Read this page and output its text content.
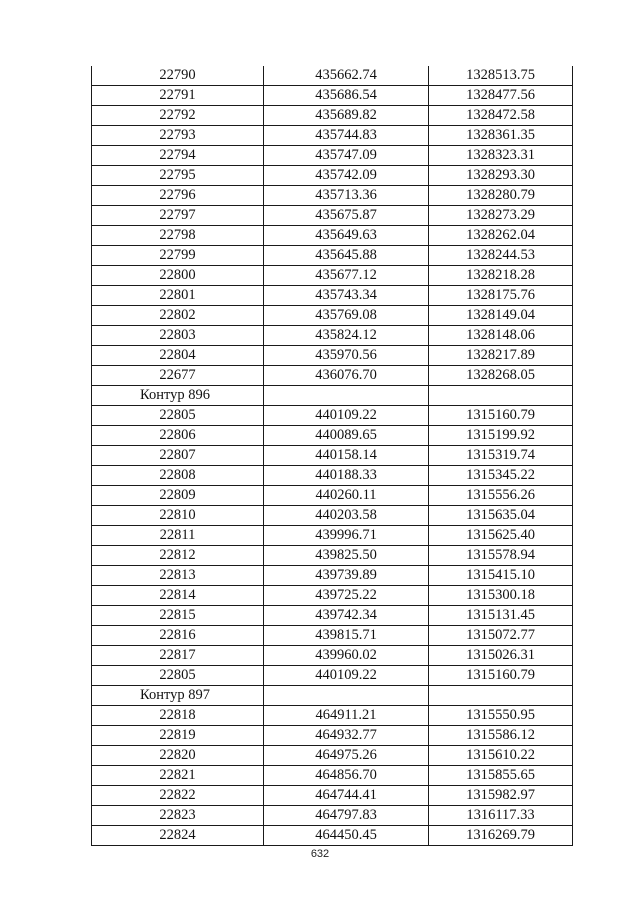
22790	435662.74	1328513.75
22791	435686.54	1328477.56
22792	435689.82	1328472.58
22793	435744.83	1328361.35
22794	435747.09	1328323.31
22795	435742.09	1328293.30
22796	435713.36	1328280.79
22797	435675.87	1328273.29
22798	435649.63	1328262.04
22799	435645.88	1328244.53
22800	435677.12	1328218.28
22801	435743.34	1328175.76
22802	435769.08	1328149.04
22803	435824.12	1328148.06
22804	435970.56	1328217.89
22677	436076.70	1328268.05
Контур 896		
22805	440109.22	1315160.79
22806	440089.65	1315199.92
22807	440158.14	1315319.74
22808	440188.33	1315345.22
22809	440260.11	1315556.26
22810	440203.58	1315635.04
22811	439996.71	1315625.40
22812	439825.50	1315578.94
22813	439739.89	1315415.10
22814	439725.22	1315300.18
22815	439742.34	1315131.45
22816	439815.71	1315072.77
22817	439960.02	1315026.31
22805	440109.22	1315160.79
Контур 897		
22818	464911.21	1315550.95
22819	464932.77	1315586.12
22820	464975.26	1315610.22
22821	464856.70	1315855.65
22822	464744.41	1315982.97
22823	464797.83	1316117.33
22824	464450.45	1316269.79
632
